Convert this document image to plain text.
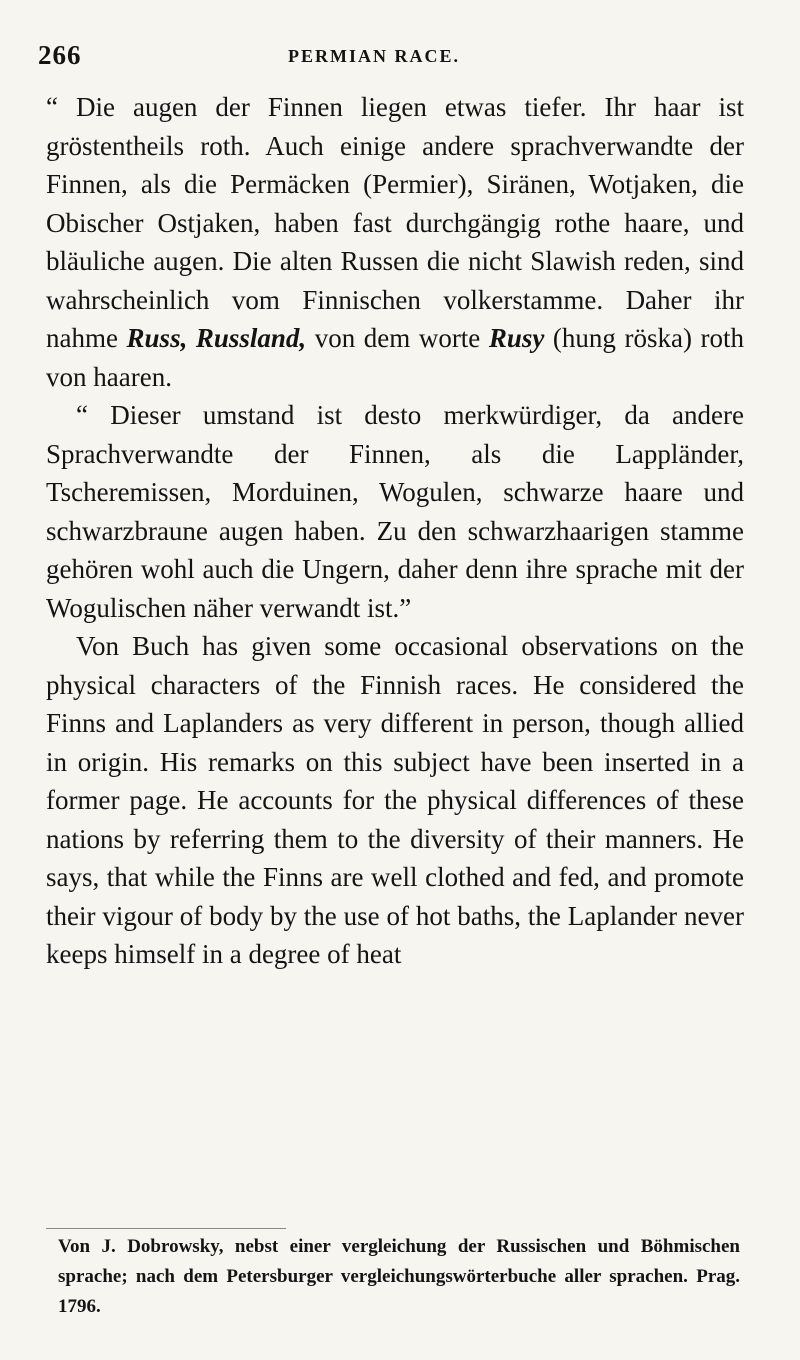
266	PERMIAN RACE.

“ Die augen der Finnen liegen etwas tiefer. Ihr haar ist gröstentheils roth. Auch einige andere sprachverwandte der Finnen, als die Permäcken (Permier), Siränen, Wotjaken, die Obischer Ostjaken, haben fast durchgängig rothe haare, und bläuliche augen. Die alten Russen die nicht Slawish reden, sind wahrscheinlich vom Finnischen volkerstamme. Daher ihr nahme Russ, Russland, von dem worte Rusy (hung röska) roth von haaren.

“ Dieser umstand ist desto merkwürdiger, da andere Sprachverwandte der Finnen, als die Lappländer, Tscheremissen, Morduinen, Wogulen, schwarze haare und schwarzbraune augen haben. Zu den schwarzhaarigen stamme gehören wohl auch die Ungern, daher denn ihre sprache mit der Wogulischen näher verwandt ist.”

Von Buch has given some occasional observations on the physical characters of the Finnish races. He considered the Finns and Laplanders as very different in person, though allied in origin. His remarks on this subject have been inserted in a former page. He accounts for the physical differences of these nations by referring them to the diversity of their manners. He says, that while the Finns are well clothed and fed, and promote their vigour of body by the use of hot baths, the Laplander never keeps himself in a degree of heat

Von J. Dobrowsky, nebst einer vergleichung der Russischen und Böhmischen sprache; nach dem Petersburger vergleichungswörterbuche aller sprachen. Prag. 1796.
